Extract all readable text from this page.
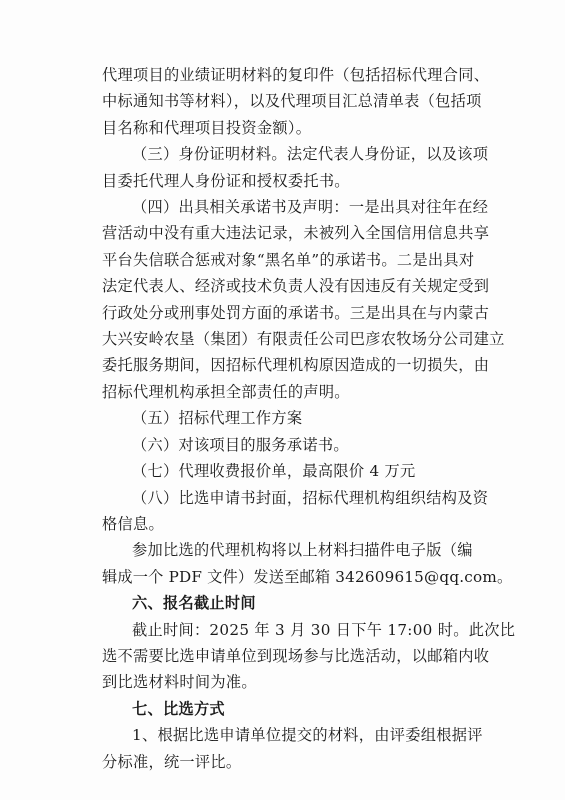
代理项目的业绩证明材料的复印件（包括招标代理合同、
中标通知书等材料），以及代理项目汇总清单表（包括项
目名称和代理项目投资金额）。

（三）身份证明材料。法定代表人身份证，以及该项
目委托代理人身份证和授权委托书。

（四）出具相关承诺书及声明：一是出具对往年在经
营活动中没有重大违法记录，未被列入全国信用信息共享
平台失信联合惩戒对象“黑名单”的承诺书。二是出具对
法定代表人、经济或技术负责人没有因违反有关规定受到
行政处分或刑事处罚方面的承诺书。三是出具在与内蒙古
大兴安岭农垦（集团）有限责任公司巴彦农牧场分公司建立
委托服务期间，因招标代理机构原因造成的一切损失，由
招标代理机构承担全部责任的声明。

（五）招标代理工作方案

（六）对该项目的服务承诺书。

（七）代理收费报价单，最高限价 4 万元

（八）比选申请书封面，招标代理机构组织结构及资
格信息。

参加比选的代理机构将以上材料扫描件电子版（编
辑成一个 PDF 文件）发送至邮箱 342609615@qq.com。

六、报名截止时间

截止时间：2025 年 3 月 30 日下午 17:00 时。此次比
选不需要比选申请单位到现场参与比选活动，以邮箱内收
到比选材料时间为准。

七、比选方式

1、根据比选申请单位提交的材料，由评委组根据评
分标准，统一评比。
